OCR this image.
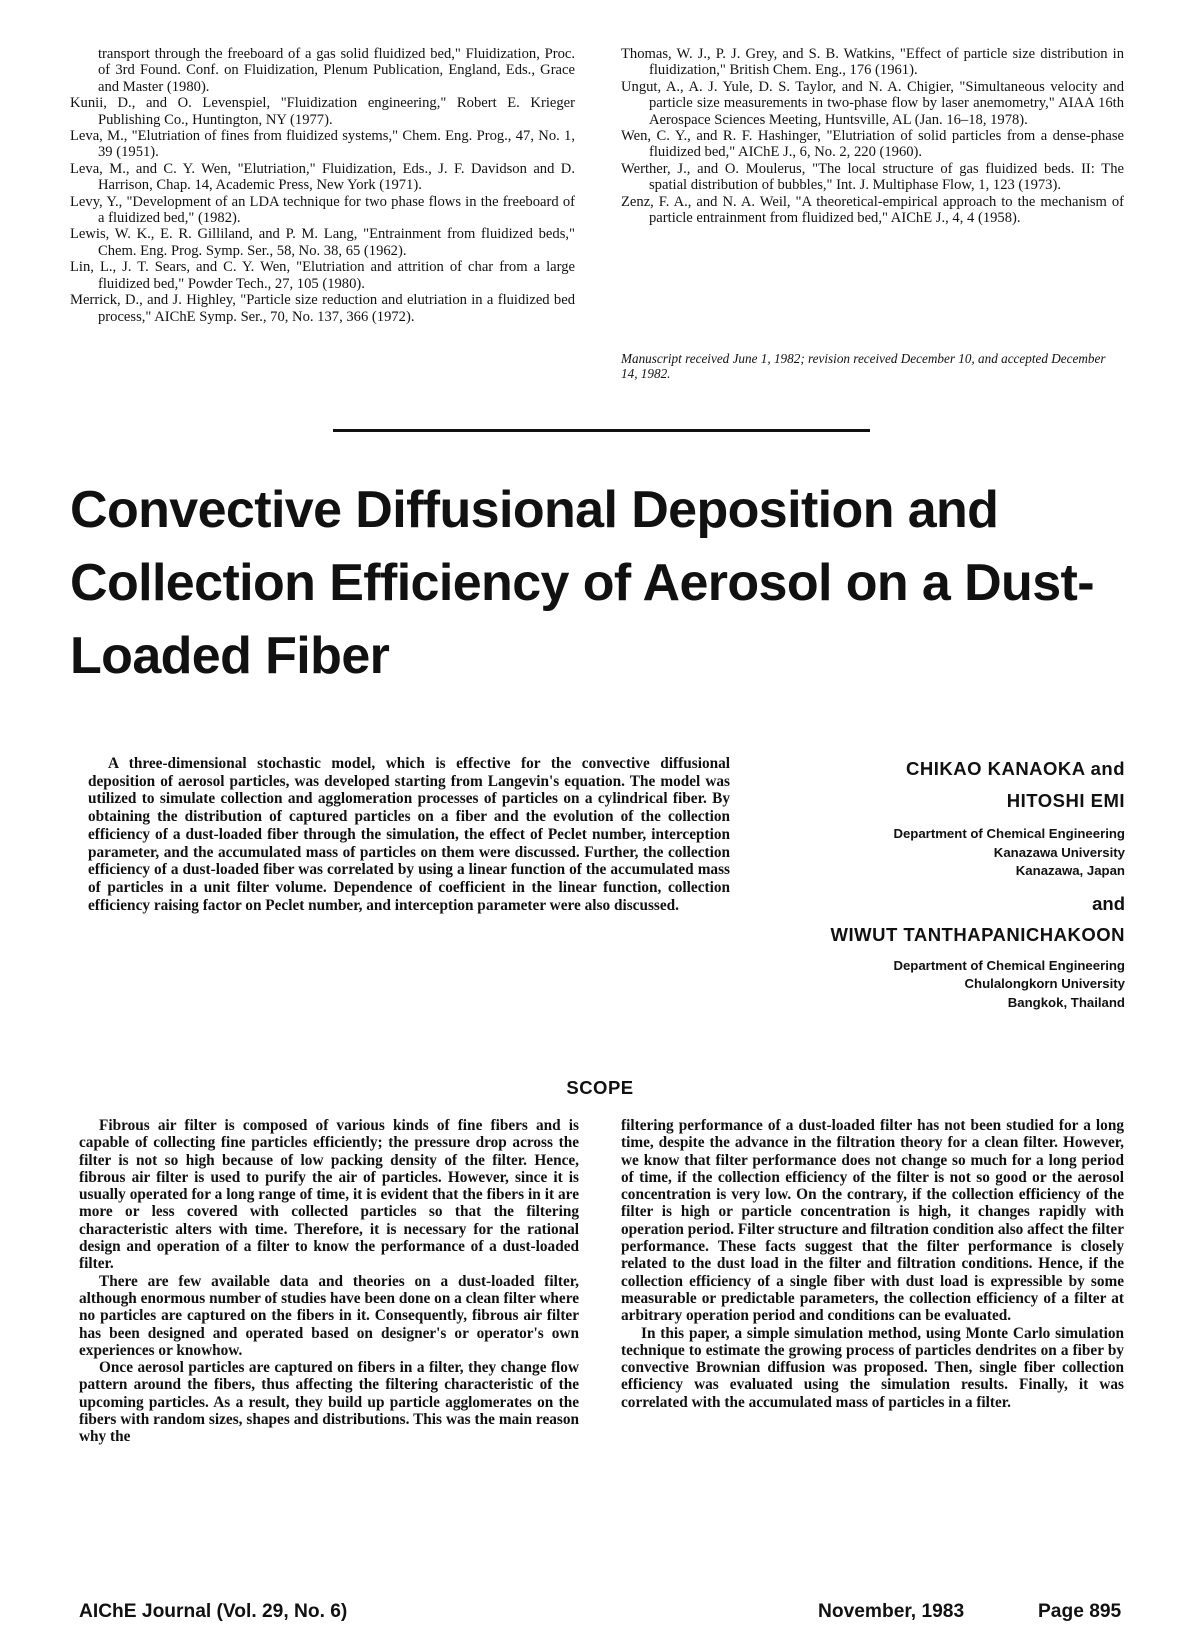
transport through the freeboard of a gas solid fluidized bed," Fluidization, Proc. of 3rd Found. Conf. on Fluidization, Plenum Publication, England, Eds., Grace and Master (1980).

Kunii, D., and O. Levenspiel, "Fluidization engineering," Robert E. Krieger Publishing Co., Huntington, NY (1977).

Leva, M., "Elutriation of fines from fluidized systems," Chem. Eng. Prog., 47, No. 1, 39 (1951).

Leva, M., and C. Y. Wen, "Elutriation," Fluidization, Eds., J. F. Davidson and D. Harrison, Chap. 14, Academic Press, New York (1971).

Levy, Y., "Development of an LDA technique for two phase flows in the freeboard of a fluidized bed," (1982).

Lewis, W. K., E. R. Gilliland, and P. M. Lang, "Entrainment from fluidized beds," Chem. Eng. Prog. Symp. Ser., 58, No. 38, 65 (1962).

Lin, L., J. T. Sears, and C. Y. Wen, "Elutriation and attrition of char from a large fluidized bed," Powder Tech., 27, 105 (1980).

Merrick, D., and J. Highley, "Particle size reduction and elutriation in a fluidized bed process," AIChE Symp. Ser., 70, No. 137, 366 (1972).

Thomas, W. J., P. J. Grey, and S. B. Watkins, "Effect of particle size distribution in fluidization," British Chem. Eng., 176 (1961).

Ungut, A., A. J. Yule, D. S. Taylor, and N. A. Chigier, "Simultaneous velocity and particle size measurements in two-phase flow by laser anemometry," AIAA 16th Aerospace Sciences Meeting, Huntsville, AL (Jan. 16–18, 1978).

Wen, C. Y., and R. F. Hashinger, "Elutriation of solid particles from a dense-phase fluidized bed," AIChE J., 6, No. 2, 220 (1960).

Werther, J., and O. Moulerus, "The local structure of gas fluidized beds. II: The spatial distribution of bubbles," Int. J. Multiphase Flow, 1, 123 (1973).

Zenz, F. A., and N. A. Weil, "A theoretical-empirical approach to the mechanism of particle entrainment from fluidized bed," AIChE J., 4, 4 (1958).

Manuscript received June 1, 1982; revision received December 10, and accepted December 14, 1982.
Convective Diffusional Deposition and Collection Efficiency of Aerosol on a Dust-Loaded Fiber

A three-dimensional stochastic model, which is effective for the convective diffusional deposition of aerosol particles, was developed starting from Langevin's equation. The model was utilized to simulate collection and agglomeration processes of particles on a cylindrical fiber. By obtaining the distribution of captured particles on a fiber and the evolution of the collection efficiency of a dust-loaded fiber through the simulation, the effect of Peclet number, interception parameter, and the accumulated mass of particles on them were discussed. Further, the collection efficiency of a dust-loaded fiber was correlated by using a linear function of the accumulated mass of particles in a unit filter volume. Dependence of coefficient in the linear function, collection efficiency raising factor on Peclet number, and interception parameter were also discussed.

CHIKAO KANAOKA and
HITOSHI EMI
Department of Chemical Engineering
Kanazawa University
Kanazawa, Japan
and
WIWUT TANTHAPANICHAKOON
Department of Chemical Engineering
Chulalongkorn University
Bangkok, Thailand
SCOPE

Fibrous air filter is composed of various kinds of fine fibers and is capable of collecting fine particles efficiently; the pressure drop across the filter is not so high because of low packing density of the filter. Hence, fibrous air filter is used to purify the air of particles. However, since it is usually operated for a long range of time, it is evident that the fibers in it are more or less covered with collected particles so that the filtering characteristic alters with time. Therefore, it is necessary for the rational design and operation of a filter to know the performance of a dust-loaded filter.

There are few available data and theories on a dust-loaded filter, although enormous number of studies have been done on a clean filter where no particles are captured on the fibers in it. Consequently, fibrous air filter has been designed and operated based on designer's or operator's own experiences or knowhow.

Once aerosol particles are captured on fibers in a filter, they change flow pattern around the fibers, thus affecting the filtering characteristic of the upcoming particles. As a result, they build up particle agglomerates on the fibers with random sizes, shapes and distributions. This was the main reason why the

filtering performance of a dust-loaded filter has not been studied for a long time, despite the advance in the filtration theory for a clean filter. However, we know that filter performance does not change so much for a long period of time, if the collection efficiency of the filter is not so good or the aerosol concentration is very low. On the contrary, if the collection efficiency of the filter is high or particle concentration is high, it changes rapidly with operation period. Filter structure and filtration condition also affect the filter performance. These facts suggest that the filter performance is closely related to the dust load in the filter and filtration conditions. Hence, if the collection efficiency of a single fiber with dust load is expressible by some measurable or predictable parameters, the collection efficiency of a filter at arbitrary operation period and conditions can be evaluated.

In this paper, a simple simulation method, using Monte Carlo simulation technique to estimate the growing process of particles dendrites on a fiber by convective Brownian diffusion was proposed. Then, single fiber collection efficiency was evaluated using the simulation results. Finally, it was correlated with the accumulated mass of particles in a filter.

AIChE Journal (Vol. 29, No. 6)	November, 1983	Page 895
